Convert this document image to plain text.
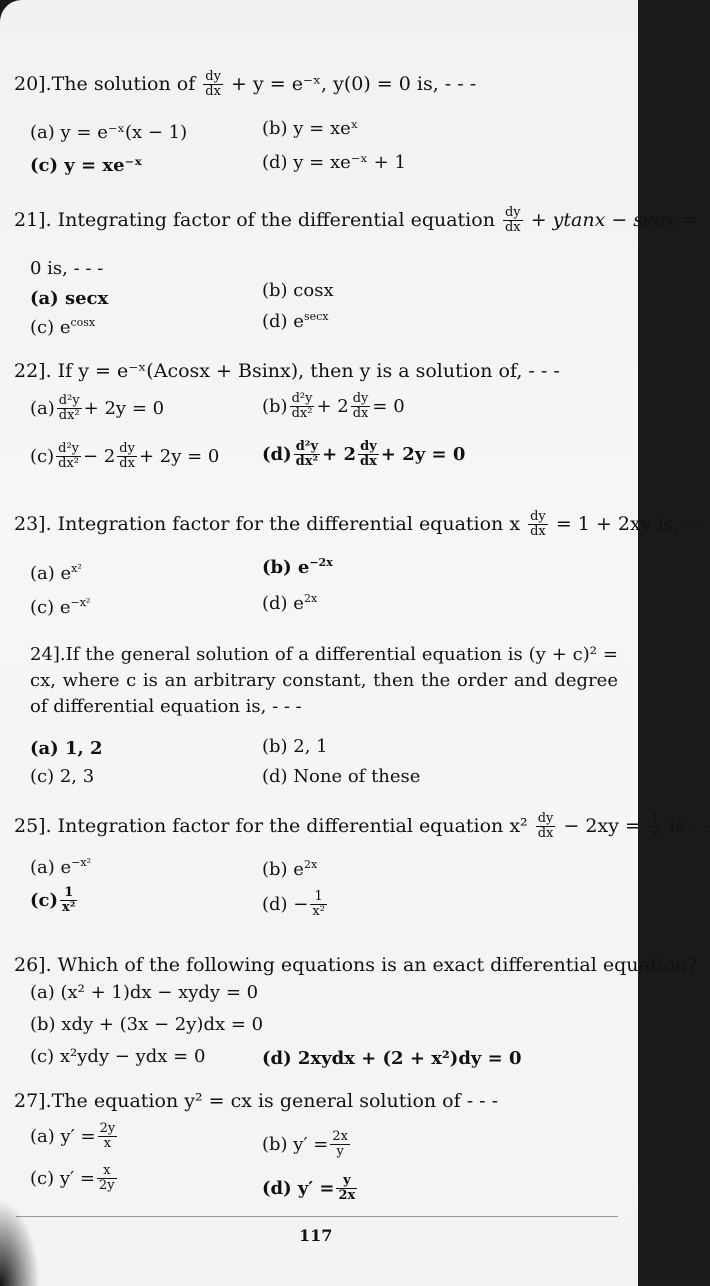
20].The solution of $\frac{dy}{dx} + y$ = e⁻ˣ, y(0) = 0 is, - - -
(a) y = e⁻ˣ(x − 1)	(b) y = xeˣ
(c) y = xe⁻ˣ	(d) y = xe⁻ˣ + 1
21]. Integrating factor of the differential equation $\frac{dy}{dx} + ytanx - \sec x$ =
0 is, - - -
(a) secx	(b) cosx
(c) $e^{cosx}$	(d) $e^{secx}$
22]. If y = e⁻ˣ(Acosx + Bsinx), then y is a solution of, - - -
$(a) \frac{\text{d²y}}{\text{dx²}} + 2y = 0$	$(b) \frac{\text{d²y}}{\text{dx²}} + 2 \frac{dy}{dx} = 0$
$(c) \frac{\text{d²y}}{\text{dx²}} - 2 \frac{dy}{dx} + 2y = 0$ $(d) \frac{\text{d²y}}{\text{dx²}} + 2 \frac{dy}{dx} + 2y = 0$
23]. Integration factor for the differential equation x $\frac{dy}{dx} = 1 + 2xy$ is, - -
(a) $e^{x^2}$	(b) $e^{-2x}$
(c) $e^{-x^2}$	(d) $e^{2x}$
24].If the general solution of a differential equation is (y + c)² = cx, where c is an arbitrary constant, then the order and degree of differential equation is, - - -
(a) 1, 2	(b) 2, 1
(c) 2, 3	(d) None of these
25]. Integration factor for the differential equation $x^2 \frac{dy}{dx} - 2xy = \frac{1}{x}$ is - -
(a) $e^{-x^2}$	(b) $e^{2x}$
$(c) \frac{1}{\text{x²}}$	$(d) - \frac{1}{\text{x²}}$
26]. Which of the following equations is an exact differential equation?
(a) (x² + 1)dx − xydy = 0
(b) xdy + (3x − 2y)dx = 0
(c) x²ydy − ydx = 0	(d) 2xydx + (2 + x²)dy = 0
27].The equation y² = cx is general solution of - - -
(a) $y' = \frac{2y}{x}$	(b) $y' = \frac{2x}{y}$
(c) $y' = \frac{x}{2y}$	(d) $y' = \frac{y}{2x}$
117
